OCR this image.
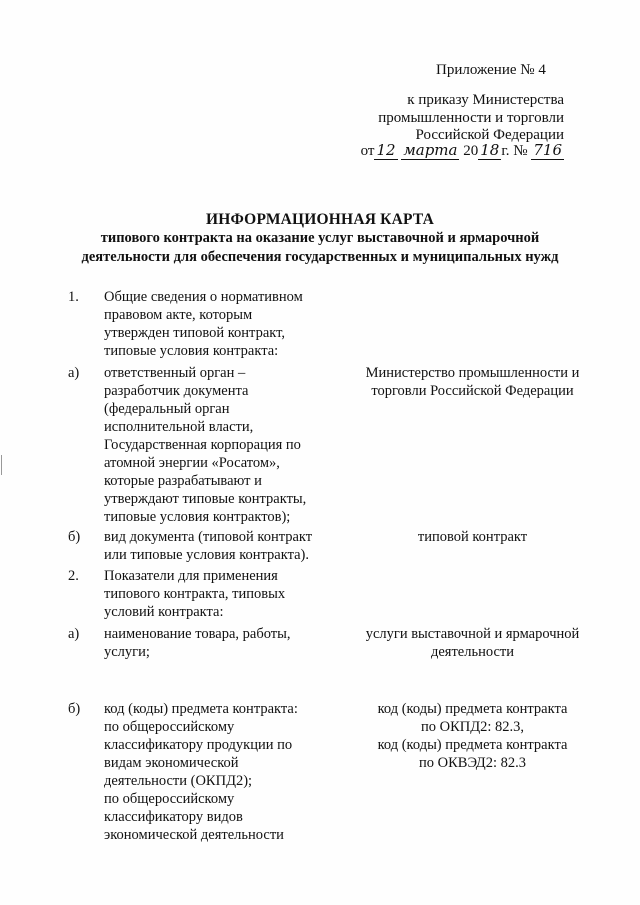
Приложение № 4
к приказу Министерства
промышленности и торговли
Российской Федерации
от 12 марта 20 18 г. № 716
ИНФОРМАЦИОННАЯ КАРТА
типового контракта на оказание услуг выставочной и ярмарочной
деятельности для обеспечения государственных и муниципальных нужд
1. Общие сведения о нормативном
правовом акте, которым
утвержден типовой контракт,
типовые условия контракта:
а) ответственный орган –
разработчик документа
(федеральный орган
исполнительной власти,
Государственная корпорация по
атомной энергии «Росатом»,
которые разрабатывают и
утверждают типовые контракты,
типовые условия контрактов);
Министерство промышленности и
торговли Российской Федерации
б) вид документа (типовой контракт
или типовые условия контракта).
типовой контракт
2. Показатели для применения
типового контракта, типовых
условий контракта:
а) наименование товара, работы,
услуги;
услуги выставочной и ярмарочной
деятельности
б) код (коды) предмета контракта:
по общероссийскому
классификатору продукции по
видам экономической
деятельности (ОКПД2);
по общероссийскому
классификатору видов
экономической деятельности
код (коды) предмета контракта
по ОКПД2: 82.3,
код (коды) предмета контракта
по ОКВЭД2: 82.3
